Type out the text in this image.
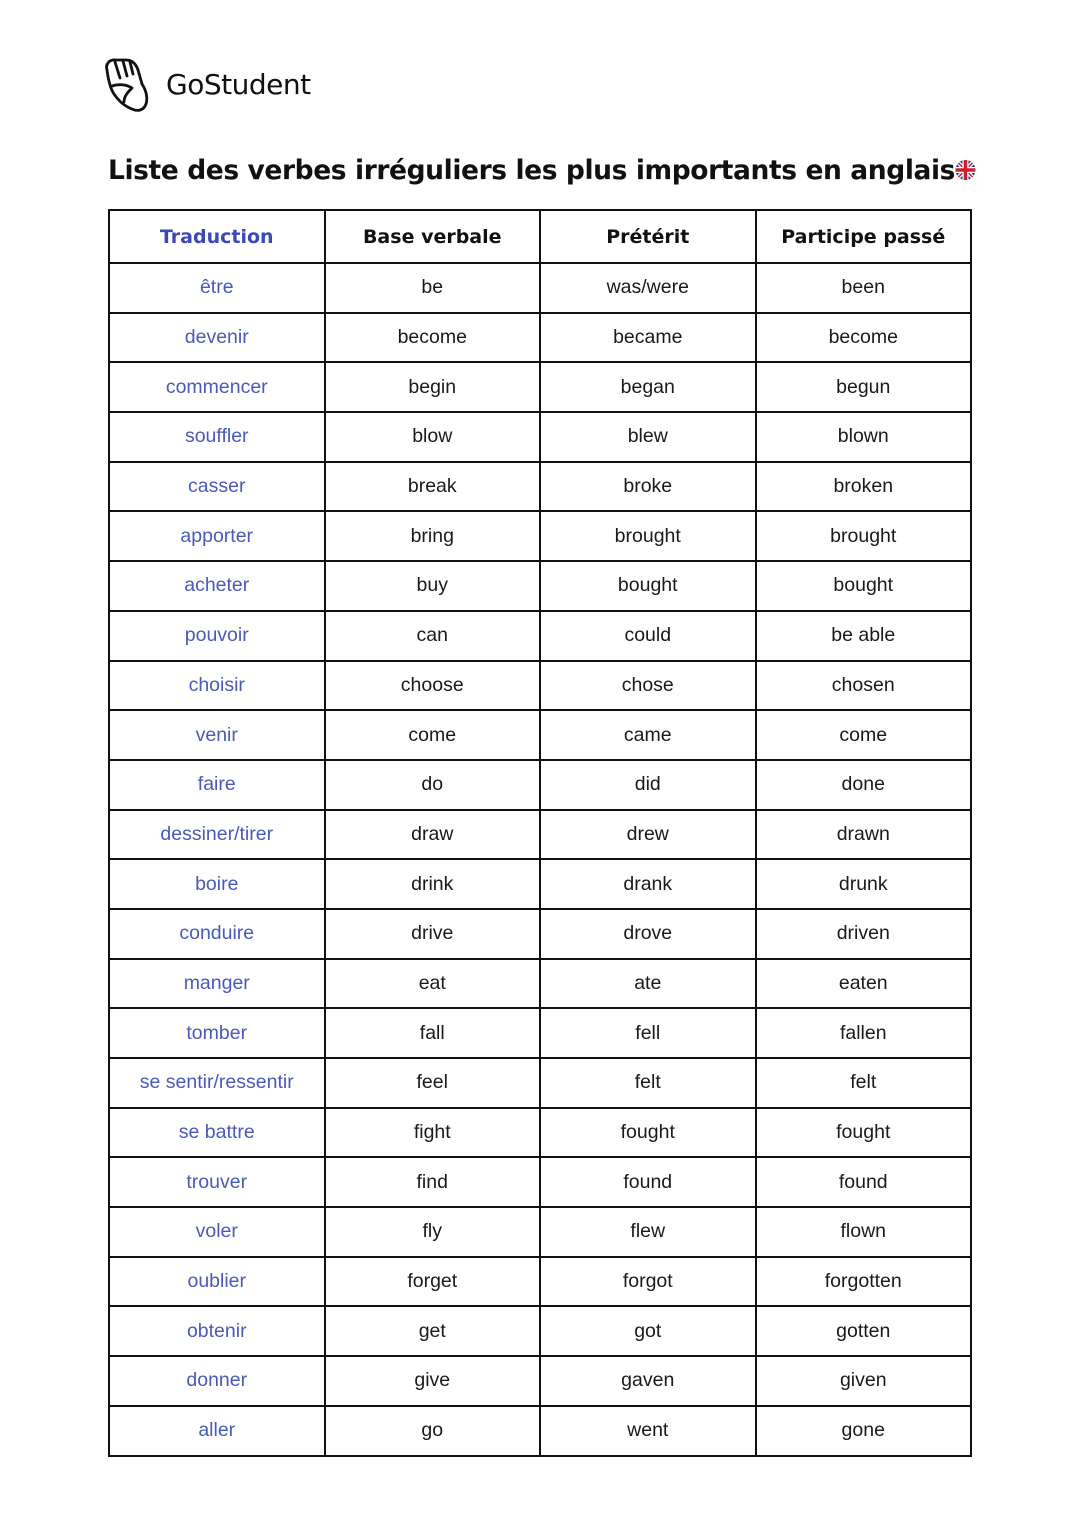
GoStudent
Liste des verbes irréguliers les plus importants en anglais
Traduction	Base verbale	Prétérit	Participe passé
être	be	was/were	been
devenir	become	became	become
commencer	begin	began	begun
souffler	blow	blew	blown
casser	break	broke	broken
apporter	bring	brought	brought
acheter	buy	bought	bought
pouvoir	can	could	be able
choisir	choose	chose	chosen
venir	come	came	come
faire	do	did	done
dessiner/tirer	draw	drew	drawn
boire	drink	drank	drunk
conduire	drive	drove	driven
manger	eat	ate	eaten
tomber	fall	fell	fallen
se sentir/ressentir	feel	felt	felt
se battre	fight	fought	fought
trouver	find	found	found
voler	fly	flew	flown
oublier	forget	forgot	forgotten
obtenir	get	got	gotten
donner	give	gaven	given
aller	go	went	gone
